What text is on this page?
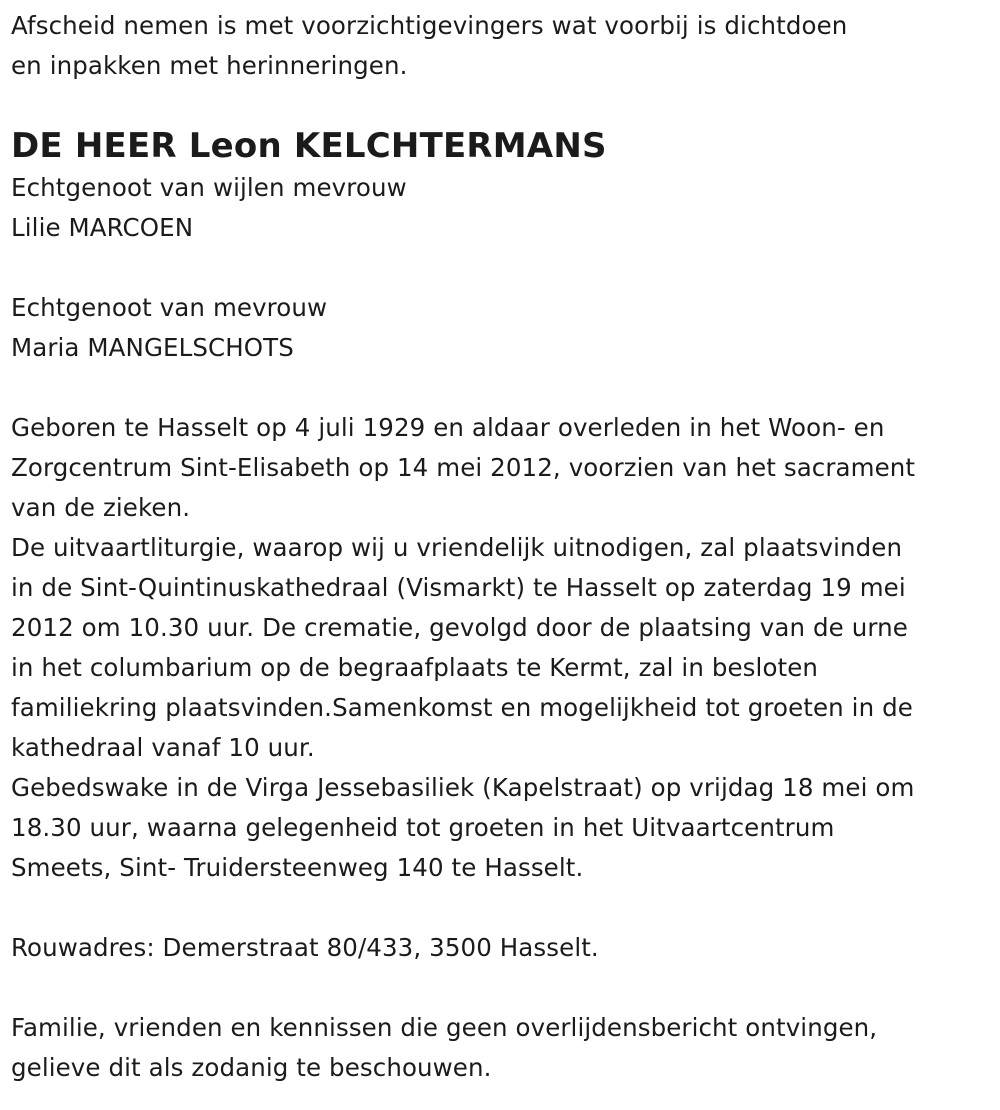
Afscheid nemen is met voorzichtigevingers wat voorbij is dichtdoen
en inpakken met herinneringen.
DE HEER Leon KELCHTERMANS
Echtgenoot van wijlen mevrouw
Lilie MARCOEN
Echtgenoot van mevrouw
Maria MANGELSCHOTS
Geboren te Hasselt op 4 juli 1929 en aldaar overleden in het Woon- en
Zorgcentrum Sint-Elisabeth op 14 mei 2012, voorzien van het sacrament
van de zieken.
De uitvaartliturgie, waarop wij u vriendelijk uitnodigen, zal plaatsvinden
in de Sint-Quintinuskathedraal (Vismarkt) te Hasselt op zaterdag 19 mei
2012 om 10.30 uur. De crematie, gevolgd door de plaatsing van de urne
in het columbarium op de begraafplaats te Kermt, zal in besloten
familiekring plaatsvinden.Samenkomst en mogelijkheid tot groeten in de
kathedraal vanaf 10 uur.
Gebedswake in de Virga Jessebasiliek (Kapelstraat) op vrijdag 18 mei om
18.30 uur, waarna gelegenheid tot groeten in het Uitvaartcentrum
Smeets, Sint- Truidersteenweg 140 te Hasselt.
Rouwadres: Demerstraat 80/433, 3500 Hasselt.
Familie, vrienden en kennissen die geen overlijdensbericht ontvingen,
gelieve dit als zodanig te beschouwen.
